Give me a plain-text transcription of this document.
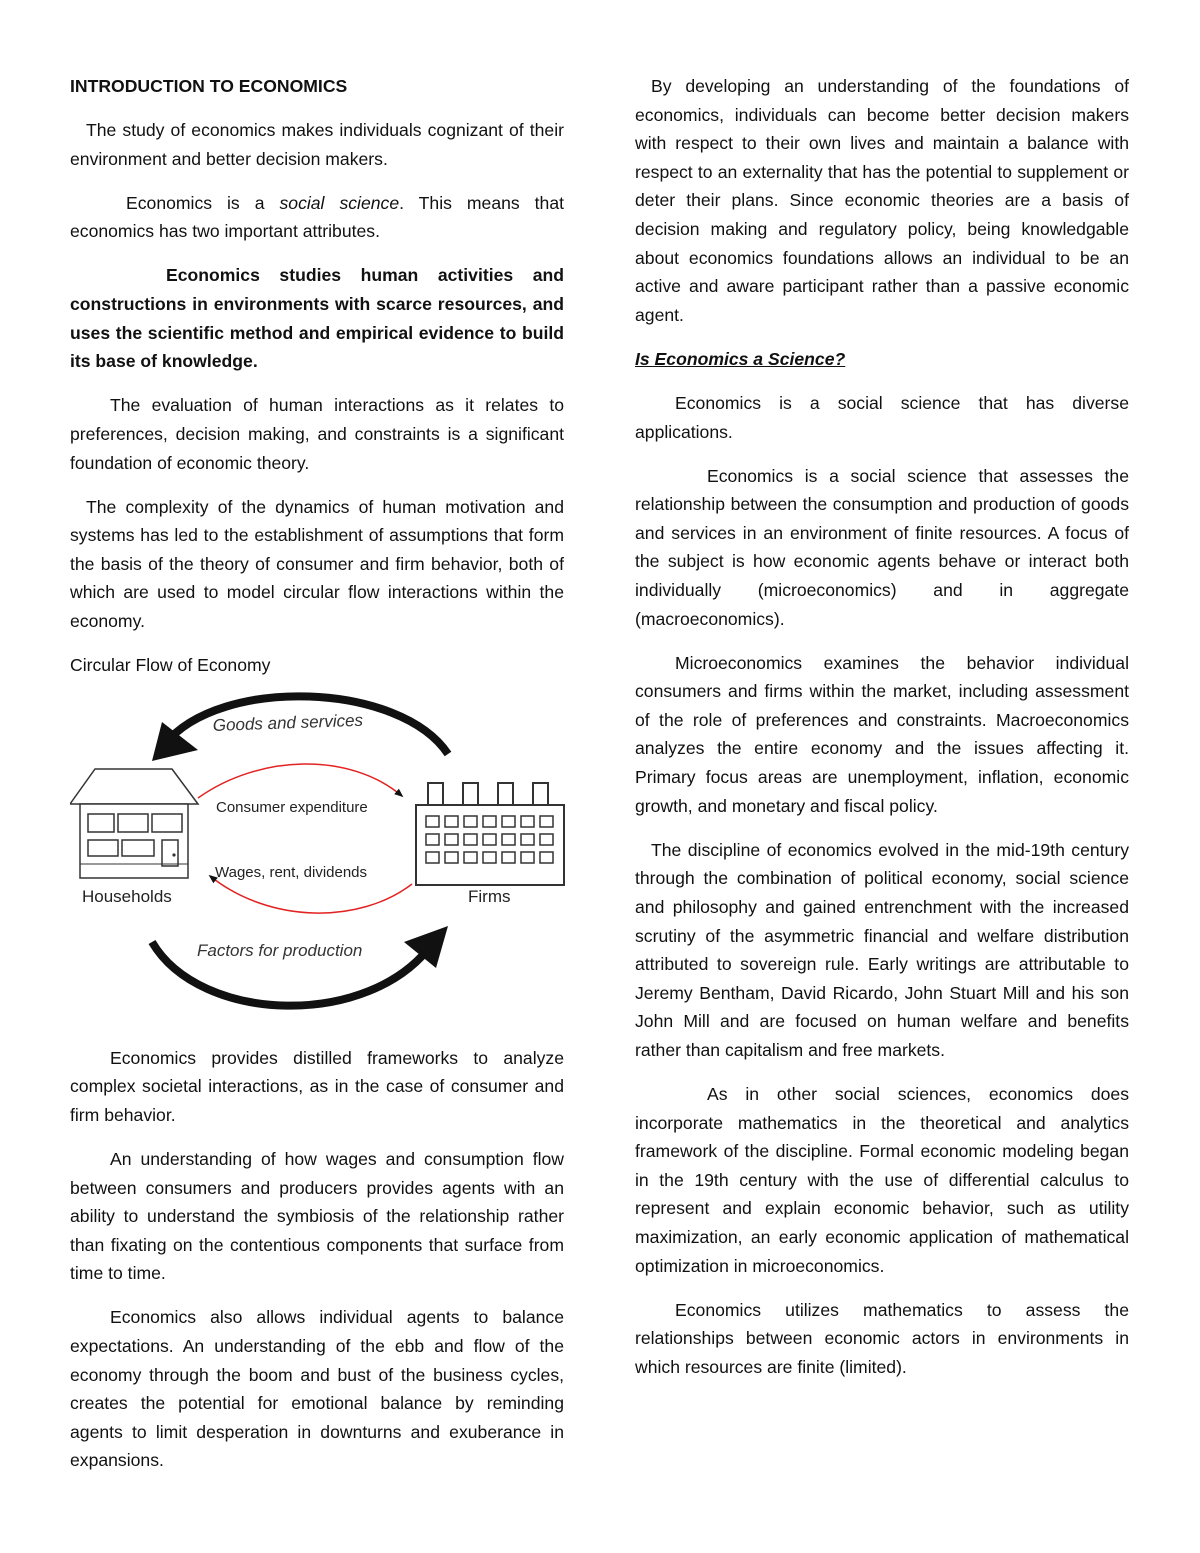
INTRODUCTION TO ECONOMICS

The study of economics makes individuals cognizant of their environment and better decision makers.

Economics is a social science. This means that economics has two important attributes.

Economics studies human activities and constructions in environments with scarce resources, and uses the scientific method and empirical evidence to build its base of knowledge.

The evaluation of human interactions as it relates to preferences, decision making, and constraints is a significant foundation of economic theory.

The complexity of the dynamics of human motivation and systems has led to the establishment of assumptions that form the basis of the theory of consumer and firm behavior, both of which are used to model circular flow interactions within the economy.

Circular Flow of Economy
Goods and services
Households	Firms
Consumer expenditure
Wages, rent, dividends
Factors for production

Economics provides distilled frameworks to analyze complex societal interactions, as in the case of consumer and firm behavior.

An understanding of how wages and consumption flow between consumers and producers provides agents with an ability to understand the symbiosis of the relationship rather than fixating on the contentious components that surface from time to time.

Economics also allows individual agents to balance expectations. An understanding of the ebb and flow of the economy through the boom and bust of the business cycles, creates the potential for emotional balance by reminding agents to limit desperation in downturns and exuberance in expansions.

By developing an understanding of the foundations of economics, individuals can become better decision makers with respect to their own lives and maintain a balance with respect to an externality that has the potential to supplement or deter their plans. Since economic theories are a basis of decision making and regulatory policy, being knowledgable about economics foundations allows an individual to be an active and aware participant rather than a passive economic agent.

Is Economics a Science?

Economics is a social science that has diverse applications.

Economics is a social science that assesses the relationship between the consumption and production of goods and services in an environment of finite resources. A focus of the subject is how economic agents behave or interact both individually (microeconomics) and in aggregate (macroeconomics).

Microeconomics examines the behavior individual consumers and firms within the market, including assessment of the role of preferences and constraints. Macroeconomics analyzes the entire economy and the issues affecting it. Primary focus areas are unemployment, inflation, economic growth, and monetary and fiscal policy.

The discipline of economics evolved in the mid-19th century through the combination of political economy, social science and philosophy and gained entrenchment with the increased scrutiny of the asymmetric financial and welfare distribution attributed to sovereign rule. Early writings are attributable to Jeremy Bentham, David Ricardo, John Stuart Mill and his son John Mill and are focused on human welfare and benefits rather than capitalism and free markets.

As in other social sciences, economics does incorporate mathematics in the theoretical and analytics framework of the discipline. Formal economic modeling began in the 19th century with the use of differential calculus to represent and explain economic behavior, such as utility maximization, an early economic application of mathematical optimization in microeconomics.

Economics utilizes mathematics to assess the relationships between economic actors in environments in which resources are finite (limited).
